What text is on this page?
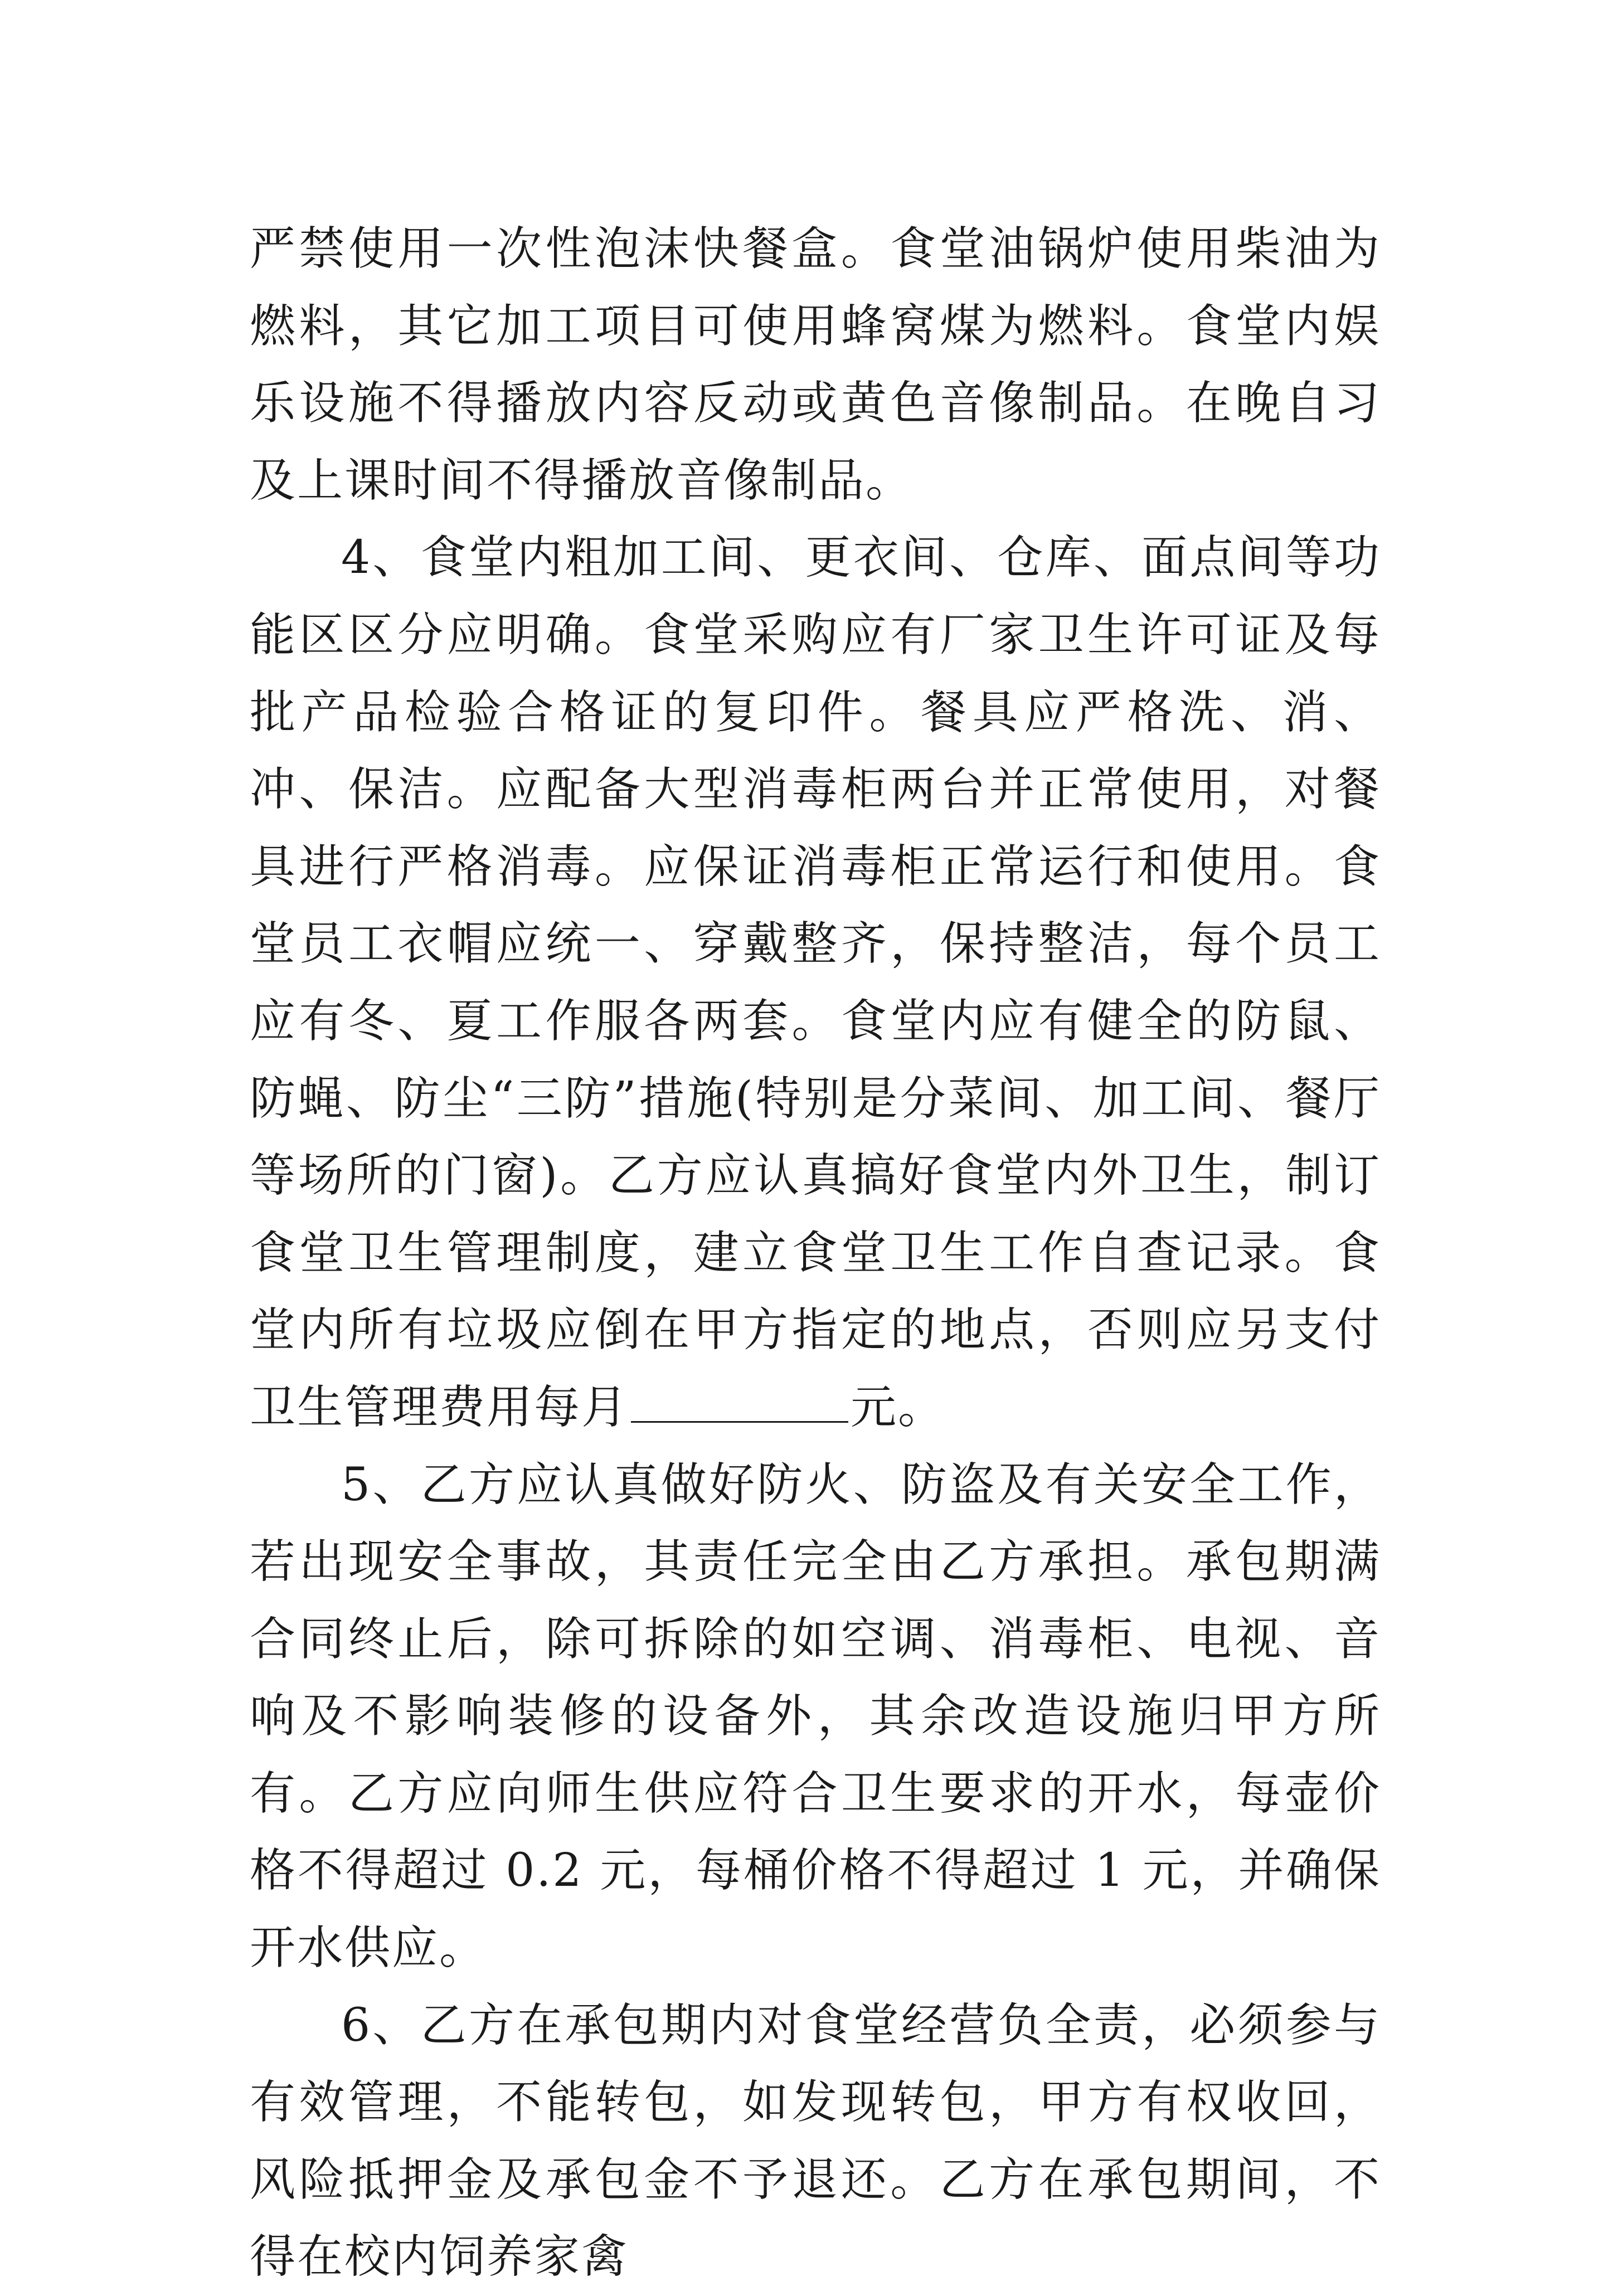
严禁使用一次性泡沫快餐盒。食堂油锅炉使用柴油为燃料，其它加工项目可使用蜂窝煤为燃料。食堂内娱乐设施不得播放内容反动或黄色音像制品。在晚自习及上课时间不得播放音像制品。

4、食堂内粗加工间、更衣间、仓库、面点间等功能区区分应明确。食堂采购应有厂家卫生许可证及每批产品检验合格证的复印件。餐具应严格洗、消、冲、保洁。应配备大型消毒柜两台并正常使用，对餐具进行严格消毒。应保证消毒柜正常运行和使用。食堂员工衣帽应统一、穿戴整齐，保持整洁，每个员工应有冬、夏工作服各两套。食堂内应有健全的防鼠、防蝇、防尘“三防”措施(特别是分菜间、加工间、餐厅等场所的门窗)。乙方应认真搞好食堂内外卫生，制订食堂卫生管理制度，建立食堂卫生工作自查记录。食堂内所有垃圾应倒在甲方指定的地点，否则应另支付卫生管理费用每月	元。

5、乙方应认真做好防火、防盗及有关安全工作，若出现安全事故，其责任完全由乙方承担。承包期满合同终止后，除可拆除的如空调、消毒柜、电视、音响及不影响装修的设备外，其余改造设施归甲方所有。乙方应向师生供应符合卫生要求的开水，每壶价格不得超过 0.2 元，每桶价格不得超过 1 元，并确保开水供应。

6、乙方在承包期内对食堂经营负全责，必须参与有效管理，不能转包，如发现转包，甲方有权收回，风险抵押金及承包金不予退还。乙方在承包期间，不得在校内饲养家禽
